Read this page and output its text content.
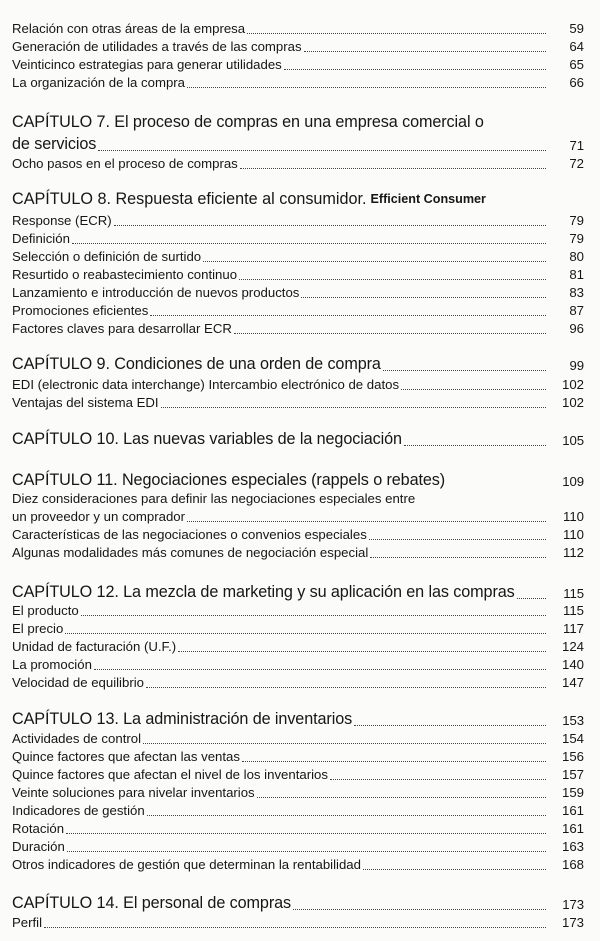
Relación con otras áreas de la empresa	59
Generación de utilidades a través de las compras	64
Veinticinco estrategias para generar utilidades	65
La organización de la compra	66
CAPÍTULO 7. El proceso de compras en una empresa comercial o
de servicios	71
Ocho pasos en el proceso de compras	72
CAPÍTULO 8. Respuesta eficiente al consumidor. Efficient Consumer
Response (ECR)	79
Definición	79
Selección o definición de surtido	80
Resurtido o reabastecimiento continuo	81
Lanzamiento e introducción de nuevos productos	83
Promociones eficientes	87
Factores claves para desarrollar ECR	96
CAPÍTULO 9. Condiciones de una orden de compra	99
EDI (electronic data interchange) Intercambio electrónico de datos	102
Ventajas del sistema EDI	102
CAPÍTULO 10. Las nuevas variables de la negociación	105
CAPÍTULO 11. Negociaciones especiales (rappels o rebates)	109
Diez consideraciones para definir las negociaciones especiales entre
un proveedor y un comprador	110
Características de las negociaciones o convenios especiales	110
Algunas modalidades más comunes de negociación especial	112
CAPÍTULO 12. La mezcla de marketing y su aplicación en las compras	115
El producto	115
El precio	117
Unidad de facturación (U.F.)	124
La promoción	140
Velocidad de equilibrio	147
CAPÍTULO 13. La administración de inventarios	153
Actividades de control	154
Quince factores que afectan las ventas	156
Quince factores que afectan el nivel de los inventarios	157
Veinte soluciones para nivelar inventarios	159
Indicadores de gestión	161
Rotación	161
Duración	163
Otros indicadores de gestión que determinan la rentabilidad	168
CAPÍTULO 14. El personal de compras	173
Perfil	173
